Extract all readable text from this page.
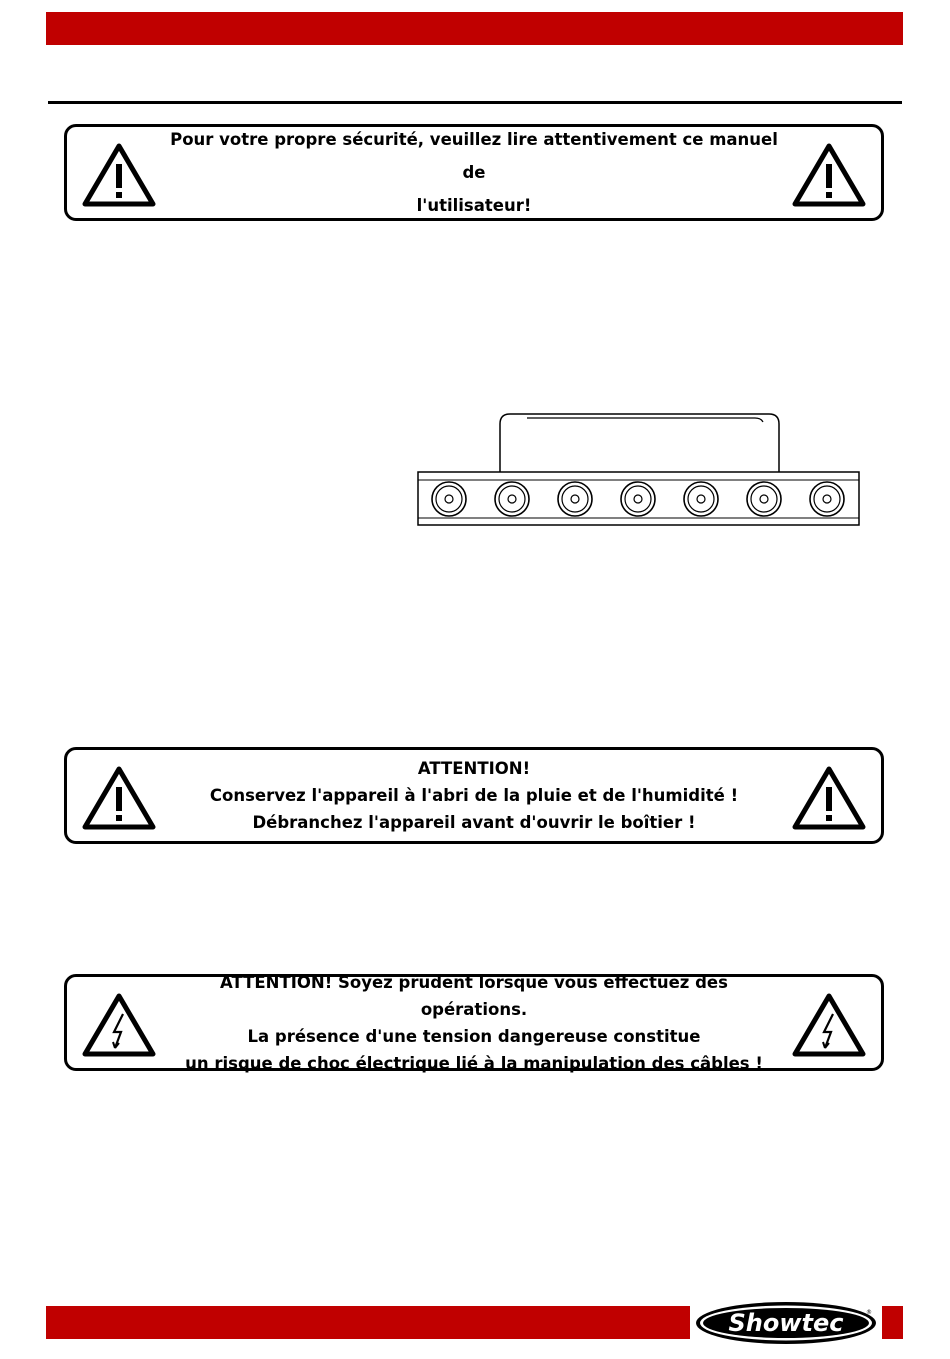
Pour votre propre sécurité, veuillez lire attentivement ce manuel de
l'utilisateur!
ATTENTION!
Conservez l'appareil à l'abri de la pluie et de l'humidité !
Débranchez l'appareil avant d'ouvrir le boîtier !
ATTENTION! Soyez prudent lorsque vous effectuez des opérations.
La présence d'une tension dangereuse constitue
un risque de choc électrique lié à la manipulation des câbles !
Showtec	®
